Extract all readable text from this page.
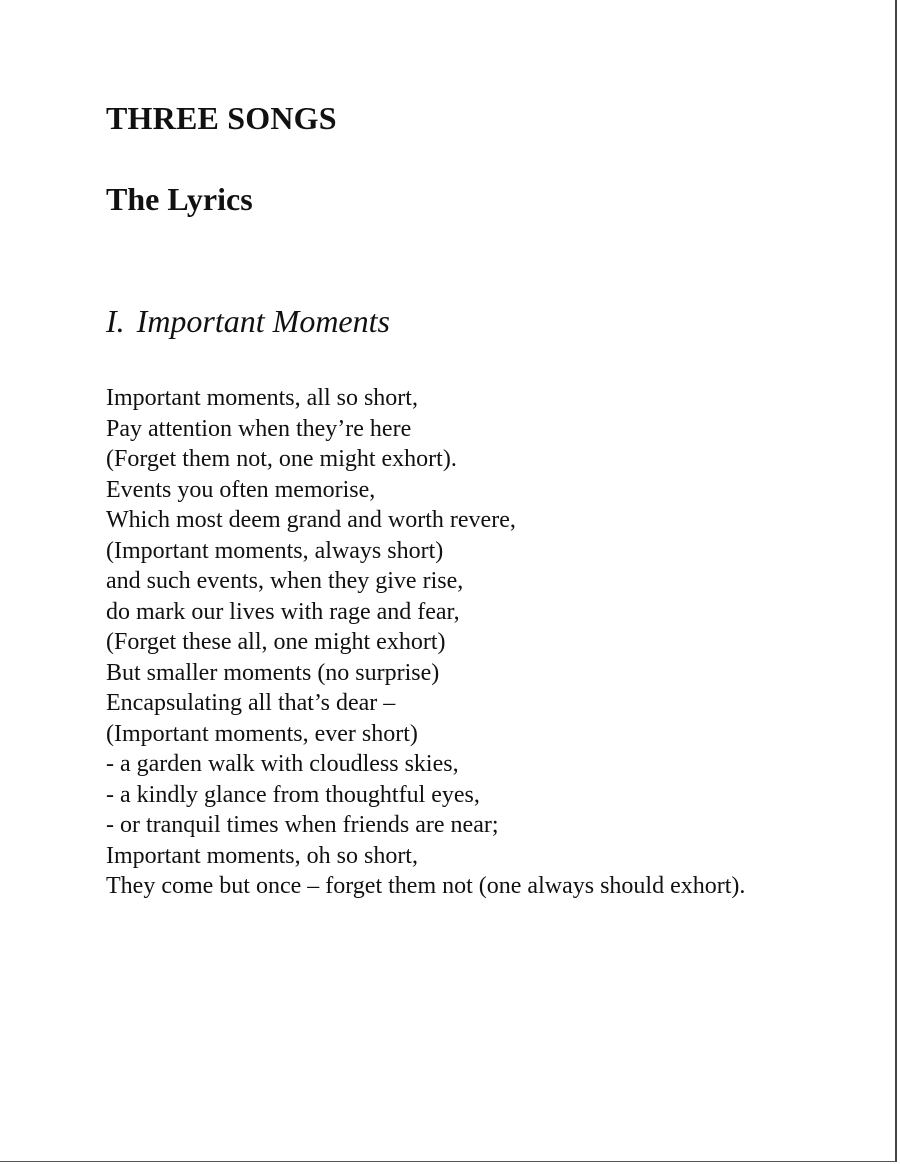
THREE SONGS
The Lyrics
I. Important Moments
Important moments, all so short,
Pay attention when they’re here
(Forget them not, one might exhort).
Events you often memorise,
Which most deem grand and worth revere,
(Important moments, always short)
and such events, when they give rise,
do mark our lives with rage and fear,
(Forget these all, one might exhort)
But smaller moments (no surprise)
Encapsulating all that’s dear –
(Important moments, ever short)
- a garden walk with cloudless skies,
- a kindly glance from thoughtful eyes,
- or tranquil times when friends are near;
Important moments, oh so short,
They come but once – forget them not (one always should exhort).
